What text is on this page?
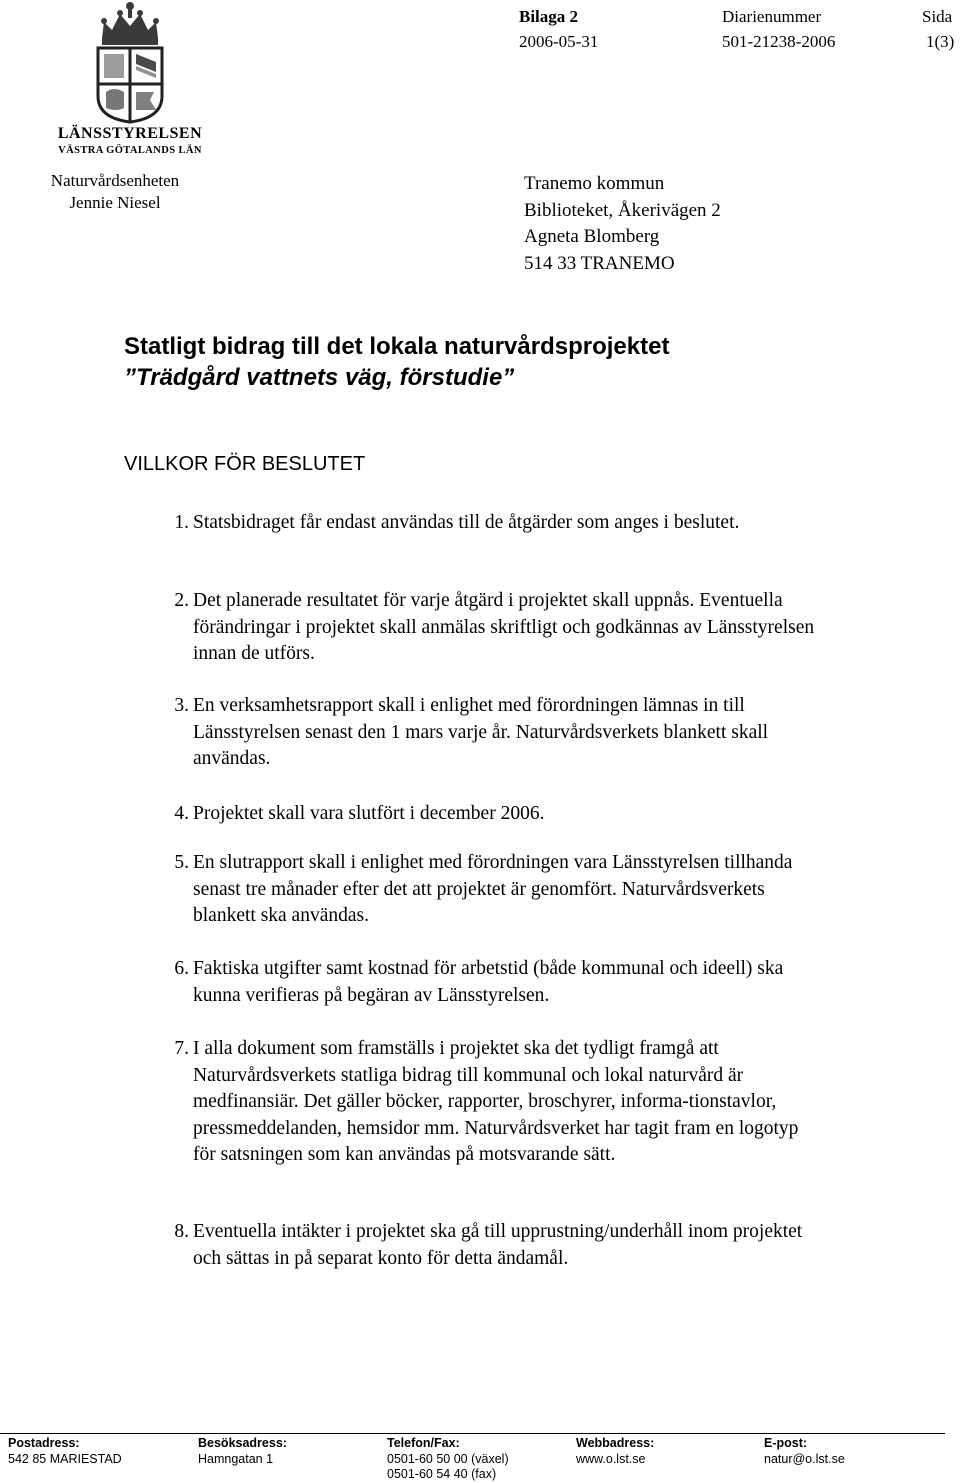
LÄNSSTYRELSEN
VÄSTRA GÖTALANDS LÄN
Bilaga 2
2006-05-31
Diarienummer
501-21238-2006
Sida
1(3)
Naturvårdsenheten
Jennie Niesel
Tranemo kommun
Biblioteket, Åkerivägen 2
Agneta Blomberg
514 33 TRANEMO
Statligt bidrag till det lokala naturvårdsprojektet
”Trädgård vattnets väg, förstudie”
VILLKOR FÖR BESLUTET
1. Statsbidraget får endast användas till de åtgärder som anges i beslutet.
2. Det planerade resultatet för varje åtgärd i projektet skall uppnås. Eventuella förändringar i projektet skall anmälas skriftligt och godkännas av Länsstyrelsen innan de utförs.
3. En verksamhetsrapport skall i enlighet med förordningen lämnas in till Länsstyrelsen senast den 1 mars varje år. Naturvårdsverkets blankett skall användas.
4. Projektet skall vara slutfört i december 2006.
5. En slutrapport skall i enlighet med förordningen vara Länsstyrelsen tillhanda senast tre månader efter det att projektet är genomfört. Naturvårdsverkets blankett ska användas.
6. Faktiska utgifter samt kostnad för arbetstid (både kommunal och ideell) ska kunna verifieras på begäran av Länsstyrelsen.
7. I alla dokument som framställs i projektet ska det tydligt framgå att Naturvårdsverkets statliga bidrag till kommunal och lokal naturvård är medfinansiär. Det gäller böcker, rapporter, broschyrer, informa-tionstavlor, pressmeddelanden, hemsidor mm. Naturvårdsverket har tagit fram en logotyp för satsningen som kan användas på motsvarande sätt.
8. Eventuella intäkter i projektet ska gå till upprustning/underhåll inom projektet och sättas in på separat konto för detta ändamål.
Postadress:
542 85 MARIESTAD
Besöksadress:
Hamngatan 1
Telefon/Fax:
0501-60 50 00 (växel)
0501-60 54 40 (fax)
Webbadress:
www.o.lst.se
E-post:
natur@o.lst.se
